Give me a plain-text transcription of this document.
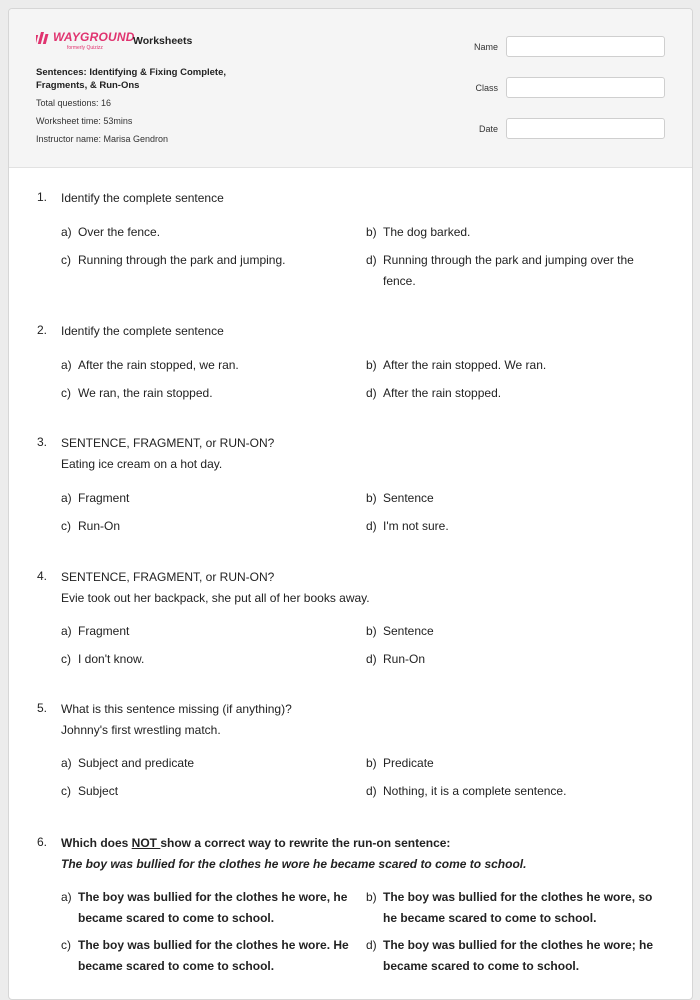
WAYGROUND
formerly Quizizz
Worksheets
Sentences: Identifying & Fixing Complete, Fragments, & Run-Ons
Total questions: 16
Worksheet time: 53mins
Instructor name: Marisa Gendron
Name
Class
Date
1. Identify the complete sentence
a) Over the fence.	b) The dog barked.
c) Running through the park and jumping.	d) Running through the park and jumping over the fence.
2. Identify the complete sentence
a) After the rain stopped, we ran.	b) After the rain stopped. We ran.
c) We ran, the rain stopped.	d) After the rain stopped.
3. SENTENCE, FRAGMENT, or RUN-ON?
Eating ice cream on a hot day.
a) Fragment	b) Sentence
c) Run-On	d) I'm not sure.
4. SENTENCE, FRAGMENT, or RUN-ON?
Evie took out her backpack, she put all of her books away.
a) Fragment	b) Sentence
c) I don't know.	d) Run-On
5. What is this sentence missing (if anything)?
Johnny's first wrestling match.
a) Subject and predicate	b) Predicate
c) Subject	d) Nothing, it is a complete sentence.
6. Which does NOT show a correct way to rewrite the run-on sentence:
The boy was bullied for the clothes he wore he became scared to come to school.
a) The boy was bullied for the clothes he wore, he became scared to come to school.
b) The boy was bullied for the clothes he wore, so he became scared to come to school.
c) The boy was bullied for the clothes he wore. He became scared to come to school.
d) The boy was bullied for the clothes he wore; he became scared to come to school.
